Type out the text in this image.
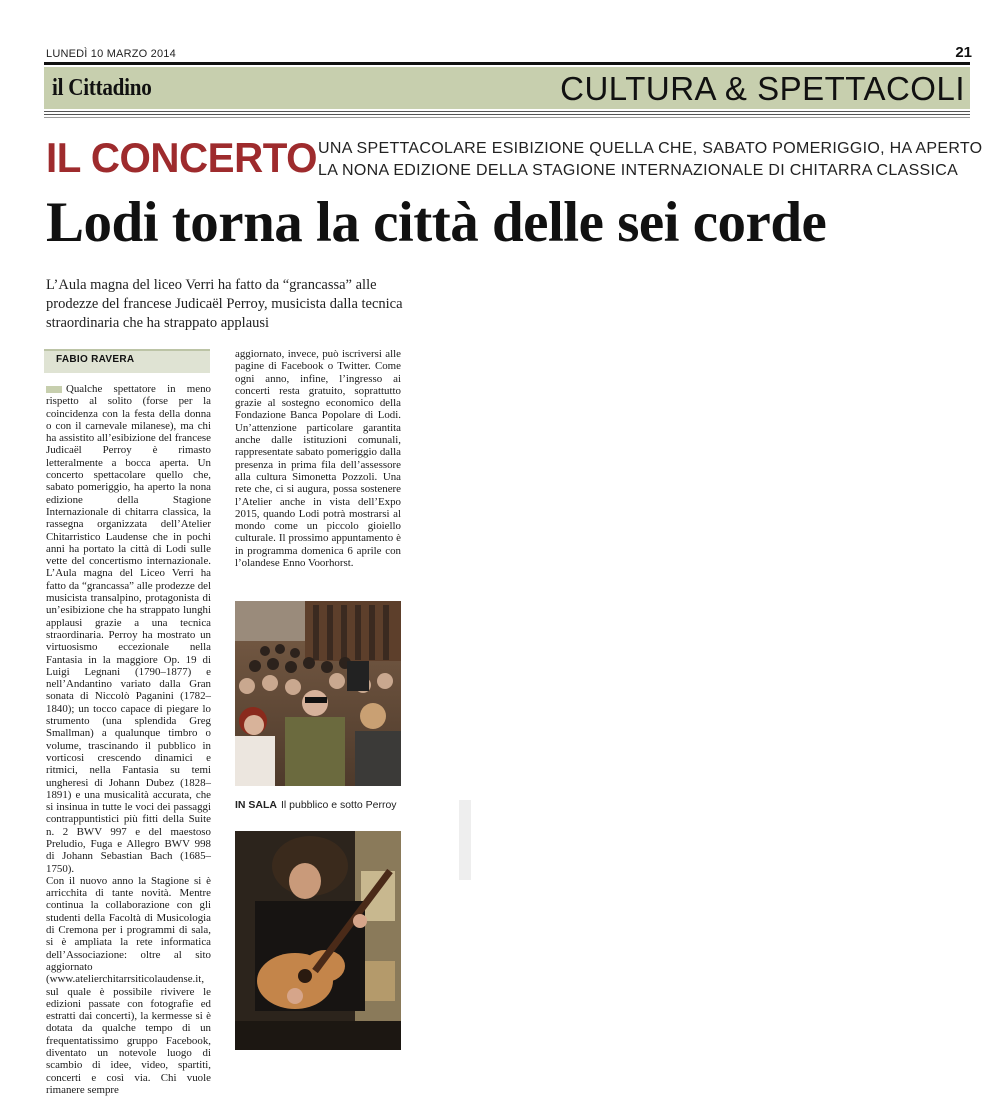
LUNEDÌ 10 MARZO 2014	21
il Cittadino	CULTURA & SPETTACOLI
IL CONCERTO UNA SPETTACOLARE ESIBIZIONE QUELLA CHE, SABATO POMERIGGIO, HA APERTO
LA NONA EDIZIONE DELLA STAGIONE INTERNAZIONALE DI CHITARRA CLASSICA
Lodi torna la città delle sei corde
L’Aula magna del liceo Verri ha fatto da “grancassa” alle prodezze del francese Judicaël Perroy, musicista dalla tecnica straordinaria che ha strappato applausi
FABIO RAVERA

Qualche spettatore in meno rispetto al solito (forse per la coincidenza con la festa della donna o con il carnevale milanese), ma chi ha assistito all’esibizione del francese Judicaël Perroy è rimasto letteralmente a bocca aperta. Un concerto spettacolare quello che, sabato pomeriggio, ha aperto la nona edizione della Stagione Internazionale di chitarra classica, la rassegna organizzata dell’Atelier Chitarristico Laudense che in pochi anni ha portato la città di Lodi sulle vette del concertismo internazionale. L’Aula magna del Liceo Verri ha fatto da “grancassa” alle prodezze del musicista transalpino, protagonista di un’esibizione che ha strappato lunghi applausi grazie a una tecnica straordinaria. Perroy ha mostrato un virtuosismo eccezionale nella Fantasia in la maggiore Op. 19 di Luigi Legnani (1790–1877) e nell’Andantino variato dalla Gran sonata di Niccolò Paganini (1782–1840); un tocco capace di piegare lo strumento (una splendida Greg Smallman) a qualunque timbro o volume, trascinando il pubblico in vorticosi crescendo dinamici e ritmici, nella Fantasia su temi ungheresi di Johann Dubez (1828–1891) e una musicalità accurata, che si insinua in tutte le voci dei passaggi contrappuntistici più fitti della Suite n. 2 BWV 997 e del maestoso Preludio, Fuga e Allegro BWV 998 di Johann Sebastian Bach (1685–1750).

Con il nuovo anno la Stagione si è arricchita di tante novità. Mentre continua la collaborazione con gli studenti della Facoltà di Musicologia di Cremona per i programmi di sala, si è ampliata la rete informatica dell’Associazione: oltre al sito aggiornato (www.atelierchitarrsiticolaudense.it, sul quale è possibile rivivere le edizioni passate con fotografie ed estratti dai concerti), la kermesse si è dotata da qualche tempo di un frequentatissimo gruppo Facebook, diventato un notevole luogo di scambio di idee, video, spartiti, concerti e così via. Chi vuole rimanere sempre

aggiornato, invece, può iscriversi alle pagine di Facebook o Twitter. Come ogni anno, infine, l’ingresso ai concerti resta gratuito, soprattutto grazie al sostegno economico della Fondazione Banca Popolare di Lodi. Un’attenzione particolare garantita anche dalle istituzioni comunali, rappresentate sabato pomeriggio dalla presenza in prima fila dell’assessore alla cultura Simonetta Pozzoli. Una rete che, ci si augura, possa sostenere l’Atelier anche in vista dell’Expo 2015, quando Lodi potrà mostrarsi al mondo come un piccolo gioiello culturale. Il prossimo appuntamento è in programma domenica 6 aprile con l’olandese Enno Voorhorst.

IN SALA Il pubblico e sotto Perroy
